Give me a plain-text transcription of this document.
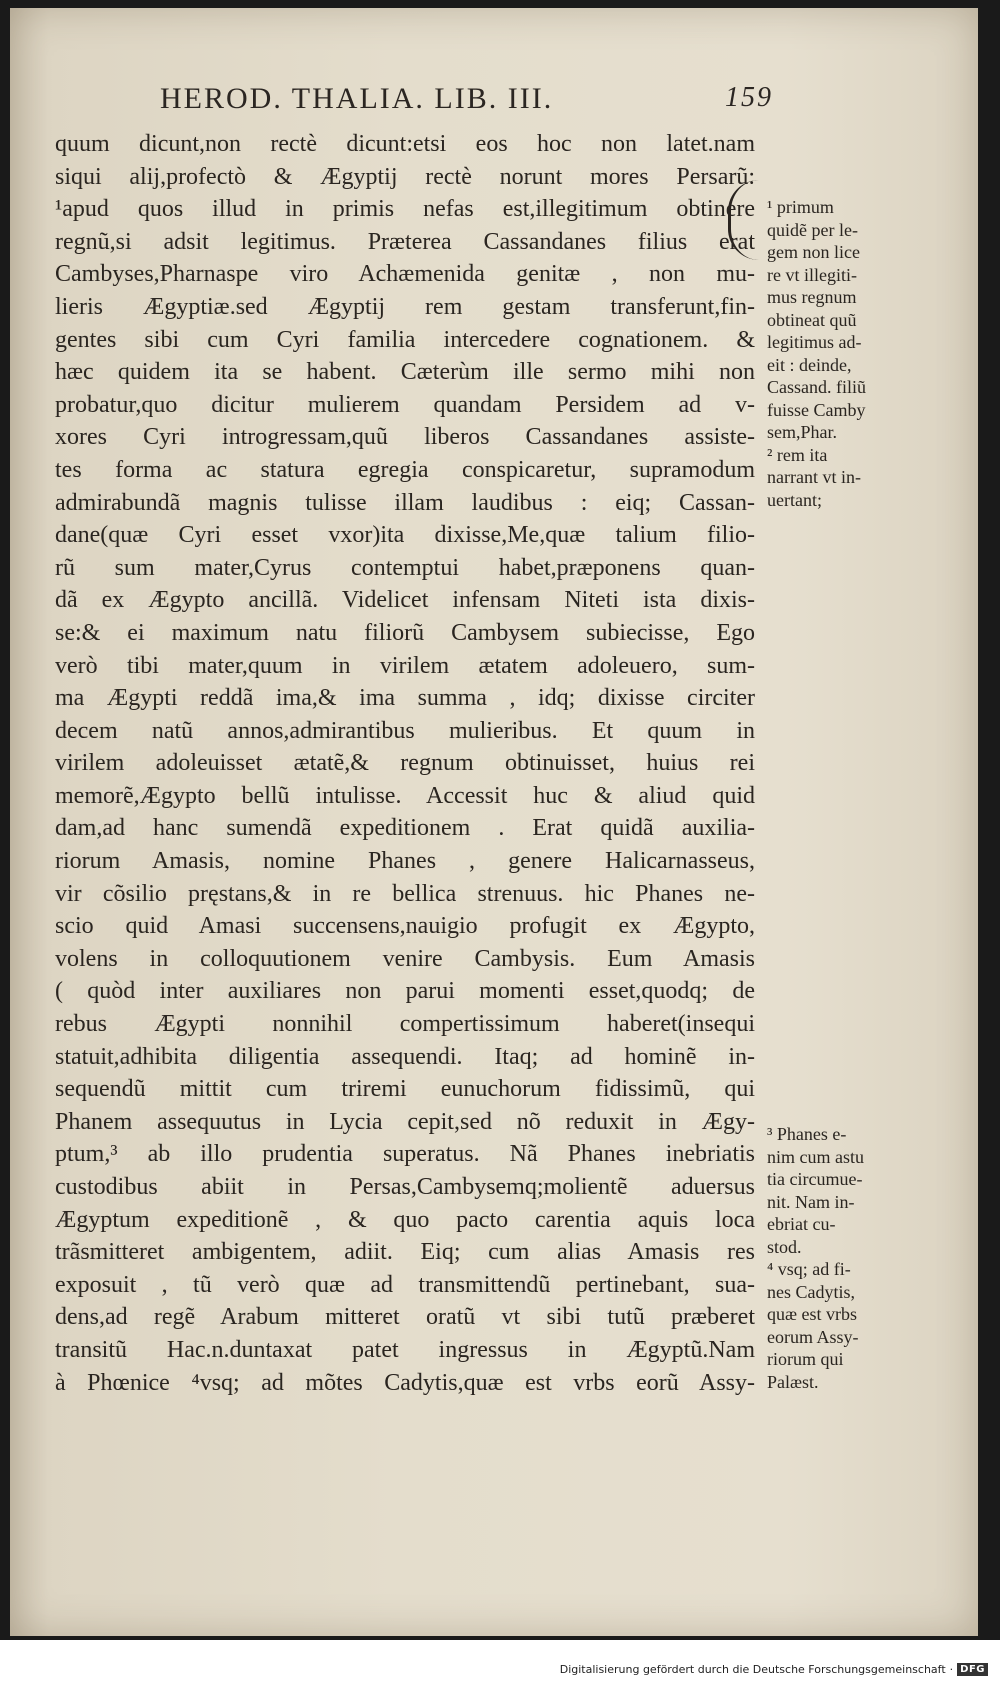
HEROD. THALIA. LIB. III.	159
quum dicunt,non rectè dicunt:etsi eos hoc non latet.nam
siqui alij,profectò & Ægyptij rectè norunt mores Persarũ:
¹apud quos illud in primis nefas est,illegitimum obtinere
regnũ,si adsit legitimus. Præterea Cassandanes filius erat
Cambyses,Pharnaspe viro Achæmenida genitæ , non mu-
lieris Ægyptiæ.sed Ægyptij rem gestam transferunt,fin-
gentes sibi cum Cyri familia intercedere cognationem. &
hæc quidem ita se habent. Cæterùm ille sermo mihi non
probatur,quo dicitur mulierem quandam Persidem ad v-
xores Cyri introgressam,quũ liberos Cassandanes assiste-
tes forma ac statura egregia conspicaretur, supramodum
admirabundã magnis tulisse illam laudibus : eiq; Cassan-
dane(quæ Cyri esset vxor)ita dixisse,Me,quæ talium filio-
rũ sum mater,Cyrus contemptui habet,præponens quan-
dã ex Ægypto ancillã. Videlicet infensam Niteti ista dixis-
se:& ei maximum natu filiorũ Cambysem subiecisse, Ego
verò tibi mater,quum in virilem ætatem adoleuero, sum-
ma Ægypti reddã ima,& ima summa , idq; dixisse circiter
decem natũ annos,admirantibus mulieribus. Et quum in
virilem adoleuisset ætatẽ,& regnum obtinuisset, huius rei
memorẽ,Ægypto bellũ intulisse. Accessit huc & aliud quid
dam,ad hanc sumendã expeditionem . Erat quidã auxilia-
riorum Amasis, nomine Phanes , genere Halicarnasseus,
vir cõsilio pręstans,& in re bellica strenuus. hic Phanes ne-
scio quid Amasi succensens,nauigio profugit ex Ægypto,
volens in colloquutionem venire Cambysis. Eum Amasis
( quòd inter auxiliares non parui momenti esset,quodq; de
rebus Ægypti nonnihil compertissimum haberet(insequi
statuit,adhibita diligentia assequendi. Itaq; ad hominẽ in-
sequendũ mittit cum triremi eunuchorum fidissimũ, qui
Phanem assequutus in Lycia cepit,sed nõ reduxit in Ægy-
ptum,³ ab illo prudentia superatus. Nã Phanes inebriatis
custodibus abiit in Persas,Cambysemq;molientẽ aduersus
Ægyptum expeditionẽ , & quo pacto carentia aquis loca
trãsmitteret ambigentem, adiit. Eiq; cum alias Amasis res
exposuit , tũ verò quæ ad transmittendũ pertinebant, sua-
dens,ad regẽ Arabum mitteret oratũ vt sibi tutũ præberet
transitũ Hac.n.duntaxat patet ingressus in Ægyptũ.Nam
à Phœnice ⁴vsq; ad mõtes Cadytis,quæ est vrbs eorũ Assy-
¹ primum
quidẽ per le-
gem non lice
re vt illegiti-
mus regnum
obtineat quũ
legitimus ad-
eit : deinde,
Cassand. filiũ
fuisse Camby
sem,Phar.
² rem ita
narrant vt in-
uertant;
³ Phanes e-
nim cum astu
tia circumue-
nit. Nam in-
ebriat cu-
stod.
⁴ vsq; ad fi-
nes Cadytis,
quæ est vrbs
eorum Assy-
riorum qui
Palæst.
Digitalisierung gefördert durch die Deutsche Forschungsgemeinschaft · DFG
